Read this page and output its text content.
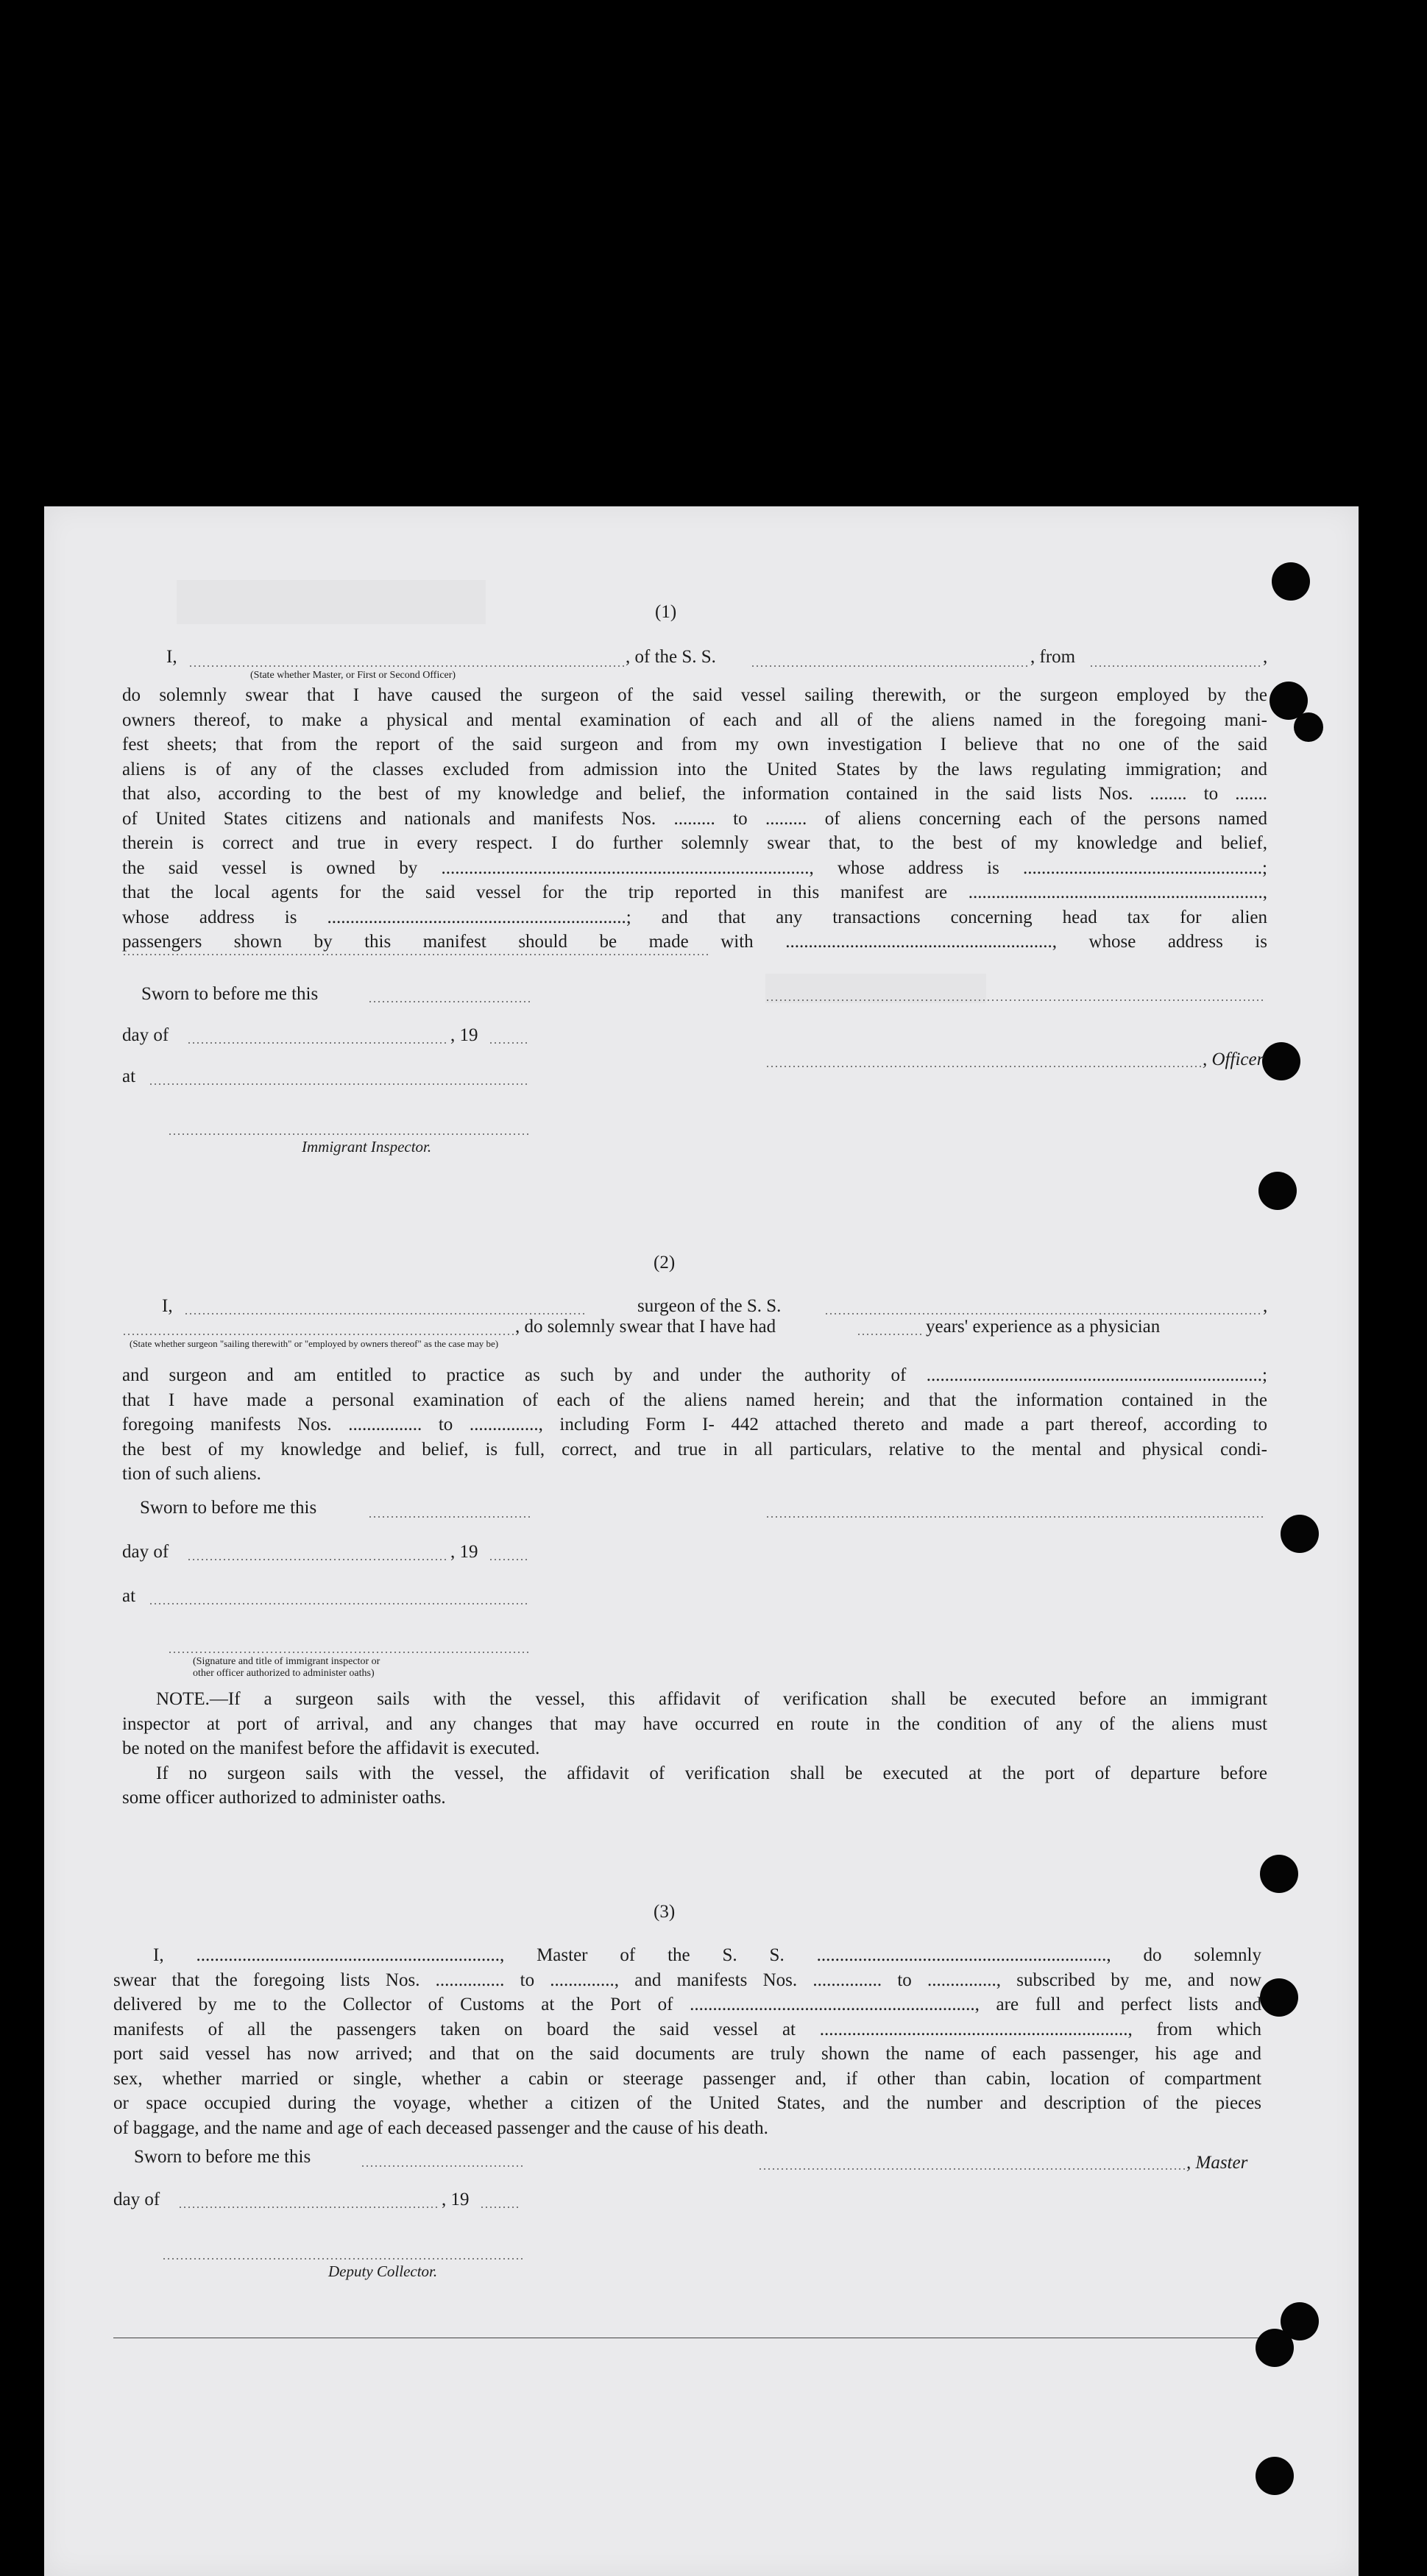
(1)
I,	, of the S. S.	, from	,
(State whether Master, or First or Second Officer)
do solemnly swear that I have caused the surgeon of the said vessel sailing therewith, or the surgeon employed by the
owners thereof, to make a physical and mental examination of each and all of the aliens named in the foregoing mani-
fest sheets; that from the report of the said surgeon and from my own investigation I believe that no one of the said
aliens is of any of the classes excluded from admission into the United States by the laws regulating immigration; and
that also, according to the best of my knowledge and belief, the information contained in the said lists Nos. ........ to .......
of United States citizens and nationals and manifests Nos. ......... to ......... of aliens concerning each of the persons named
therein is correct and true in every respect. I do further solemnly swear that, to the best of my knowledge and belief,
the said vessel is owned by ................................................................................, whose address is ....................................................;
that the local agents for the said vessel for the trip reported in this manifest are ................................................................,
whose address is .................................................................; and that any transactions concerning head tax for alien
passengers shown by this manifest should be made with .........................................................., whose address is
Sworn to before me this
day of	, 19
at
Immigrant Inspector.
, Officer
(2)
I,	surgeon of the S. S.	,
, do solemnly swear that I have had	years' experience as a physician
(State whether surgeon "sailing therewith" or "employed by owners thereof" as the case may be)
and surgeon and am entitled to practice as such by and under the authority of .........................................................................;
that I have made a personal examination of each of the aliens named herein; and that the information contained in the
foregoing manifests Nos. ................ to ..............., including Form I- 442 attached thereto and made a part thereof, according to
the best of my knowledge and belief, is full, correct, and true in all particulars, relative to the mental and physical condi-
tion of such aliens.
Sworn to before me this
day of	, 19
at
(Signature and title of immigrant inspector or
other officer authorized to administer oaths)
NOTE.—If a surgeon sails with the vessel, this affidavit of verification shall be executed before an immigrant
inspector at port of arrival, and any changes that may have occurred en route in the condition of any of the aliens must
be noted on the manifest before the affidavit is executed.
If no surgeon sails with the vessel, the affidavit of verification shall be executed at the port of departure before
some officer authorized to administer oaths.
(3)
I, .................................................................., Master of the S. S. ..............................................................., do solemnly
swear that the foregoing lists Nos. ............... to .............., and manifests Nos. ............... to ..............., subscribed by me, and now
delivered by me to the Collector of Customs at the Port of .............................................................., are full and perfect lists and
manifests of all the passengers taken on board the said vessel at ..................................................................., from which
port said vessel has now arrived; and that on the said documents are truly shown the name of each passenger, his age and
sex, whether married or single, whether a cabin or steerage passenger and, if other than cabin, location of compartment
or space occupied during the voyage, whether a citizen of the United States, and the number and description of the pieces
of baggage, and the name and age of each deceased passenger and the cause of his death.
Sworn to before me this	, Master
day of	, 19
Deputy Collector.
